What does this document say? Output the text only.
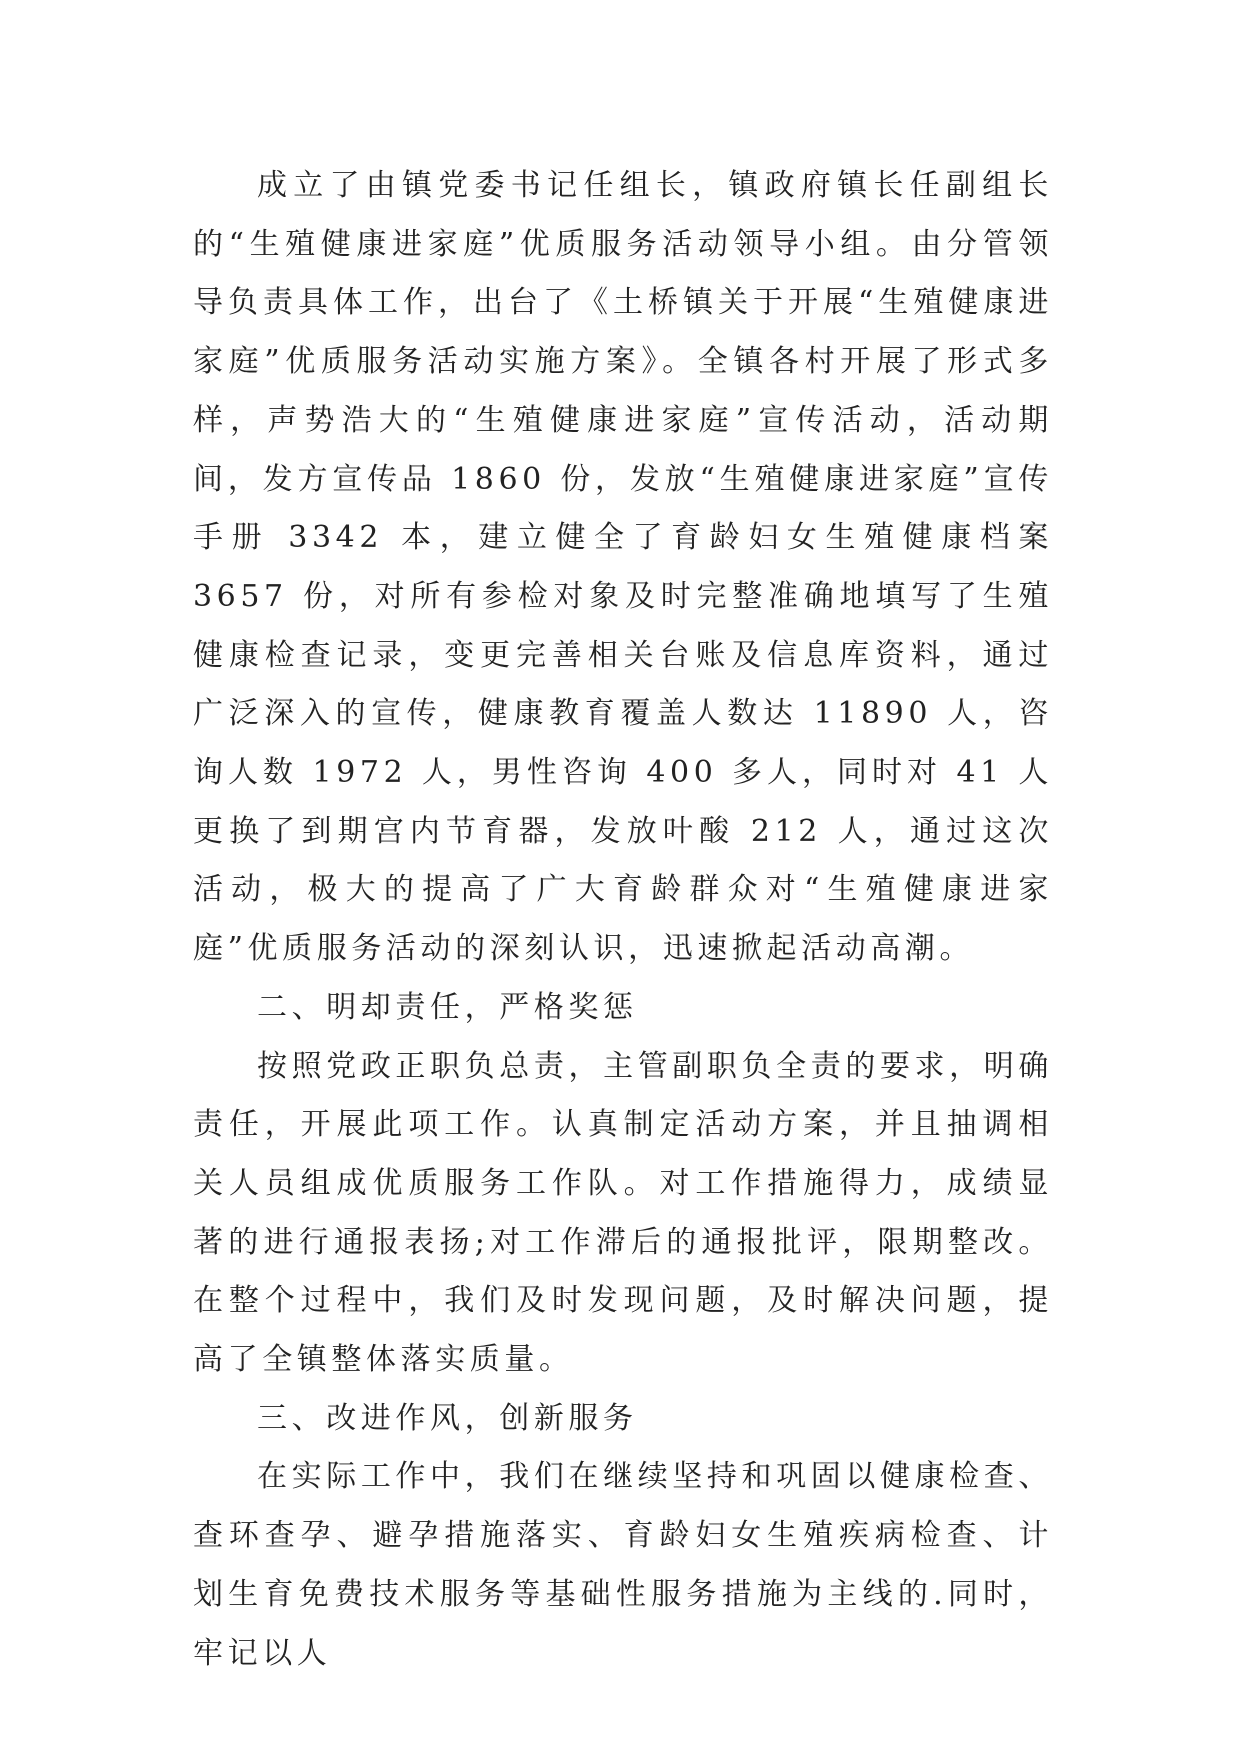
成立了由镇党委书记任组长，镇政府镇长任副组长的“生殖健康进家庭”优质服务活动领导小组。由分管领导负责具体工作，出台了《土桥镇关于开展“生殖健康进家庭”优质服务活动实施方案》。全镇各村开展了形式多样，声势浩大的“生殖健康进家庭”宣传活动，活动期间，发方宣传品 1860 份，发放“生殖健康进家庭”宣传手册 3342 本，建立健全了育龄妇女生殖健康档案 3657 份，对所有参检对象及时完整准确地填写了生殖健康检查记录，变更完善相关台账及信息库资料，通过广泛深入的宣传，健康教育覆盖人数达 11890 人，咨询人数 1972 人，男性咨询 400 多人，同时对 41 人更换了到期宫内节育器，发放叶酸 212 人，通过这次活动，极大的提高了广大育龄群众对“生殖健康进家庭”优质服务活动的深刻认识，迅速掀起活动高潮。

二、明却责任，严格奖惩

按照党政正职负总责，主管副职负全责的要求，明确责任，开展此项工作。认真制定活动方案，并且抽调相关人员组成优质服务工作队。对工作措施得力，成绩显著的进行通报表扬;对工作滞后的通报批评，限期整改。在整个过程中，我们及时发现问题，及时解决问题，提高了全镇整体落实质量。

三、改进作风，创新服务

在实际工作中，我们在继续坚持和巩固以健康检查、查环查孕、避孕措施落实、育龄妇女生殖疾病检查、计划生育免费技术服务等基础性服务措施为主线的.同时，牢记以人
